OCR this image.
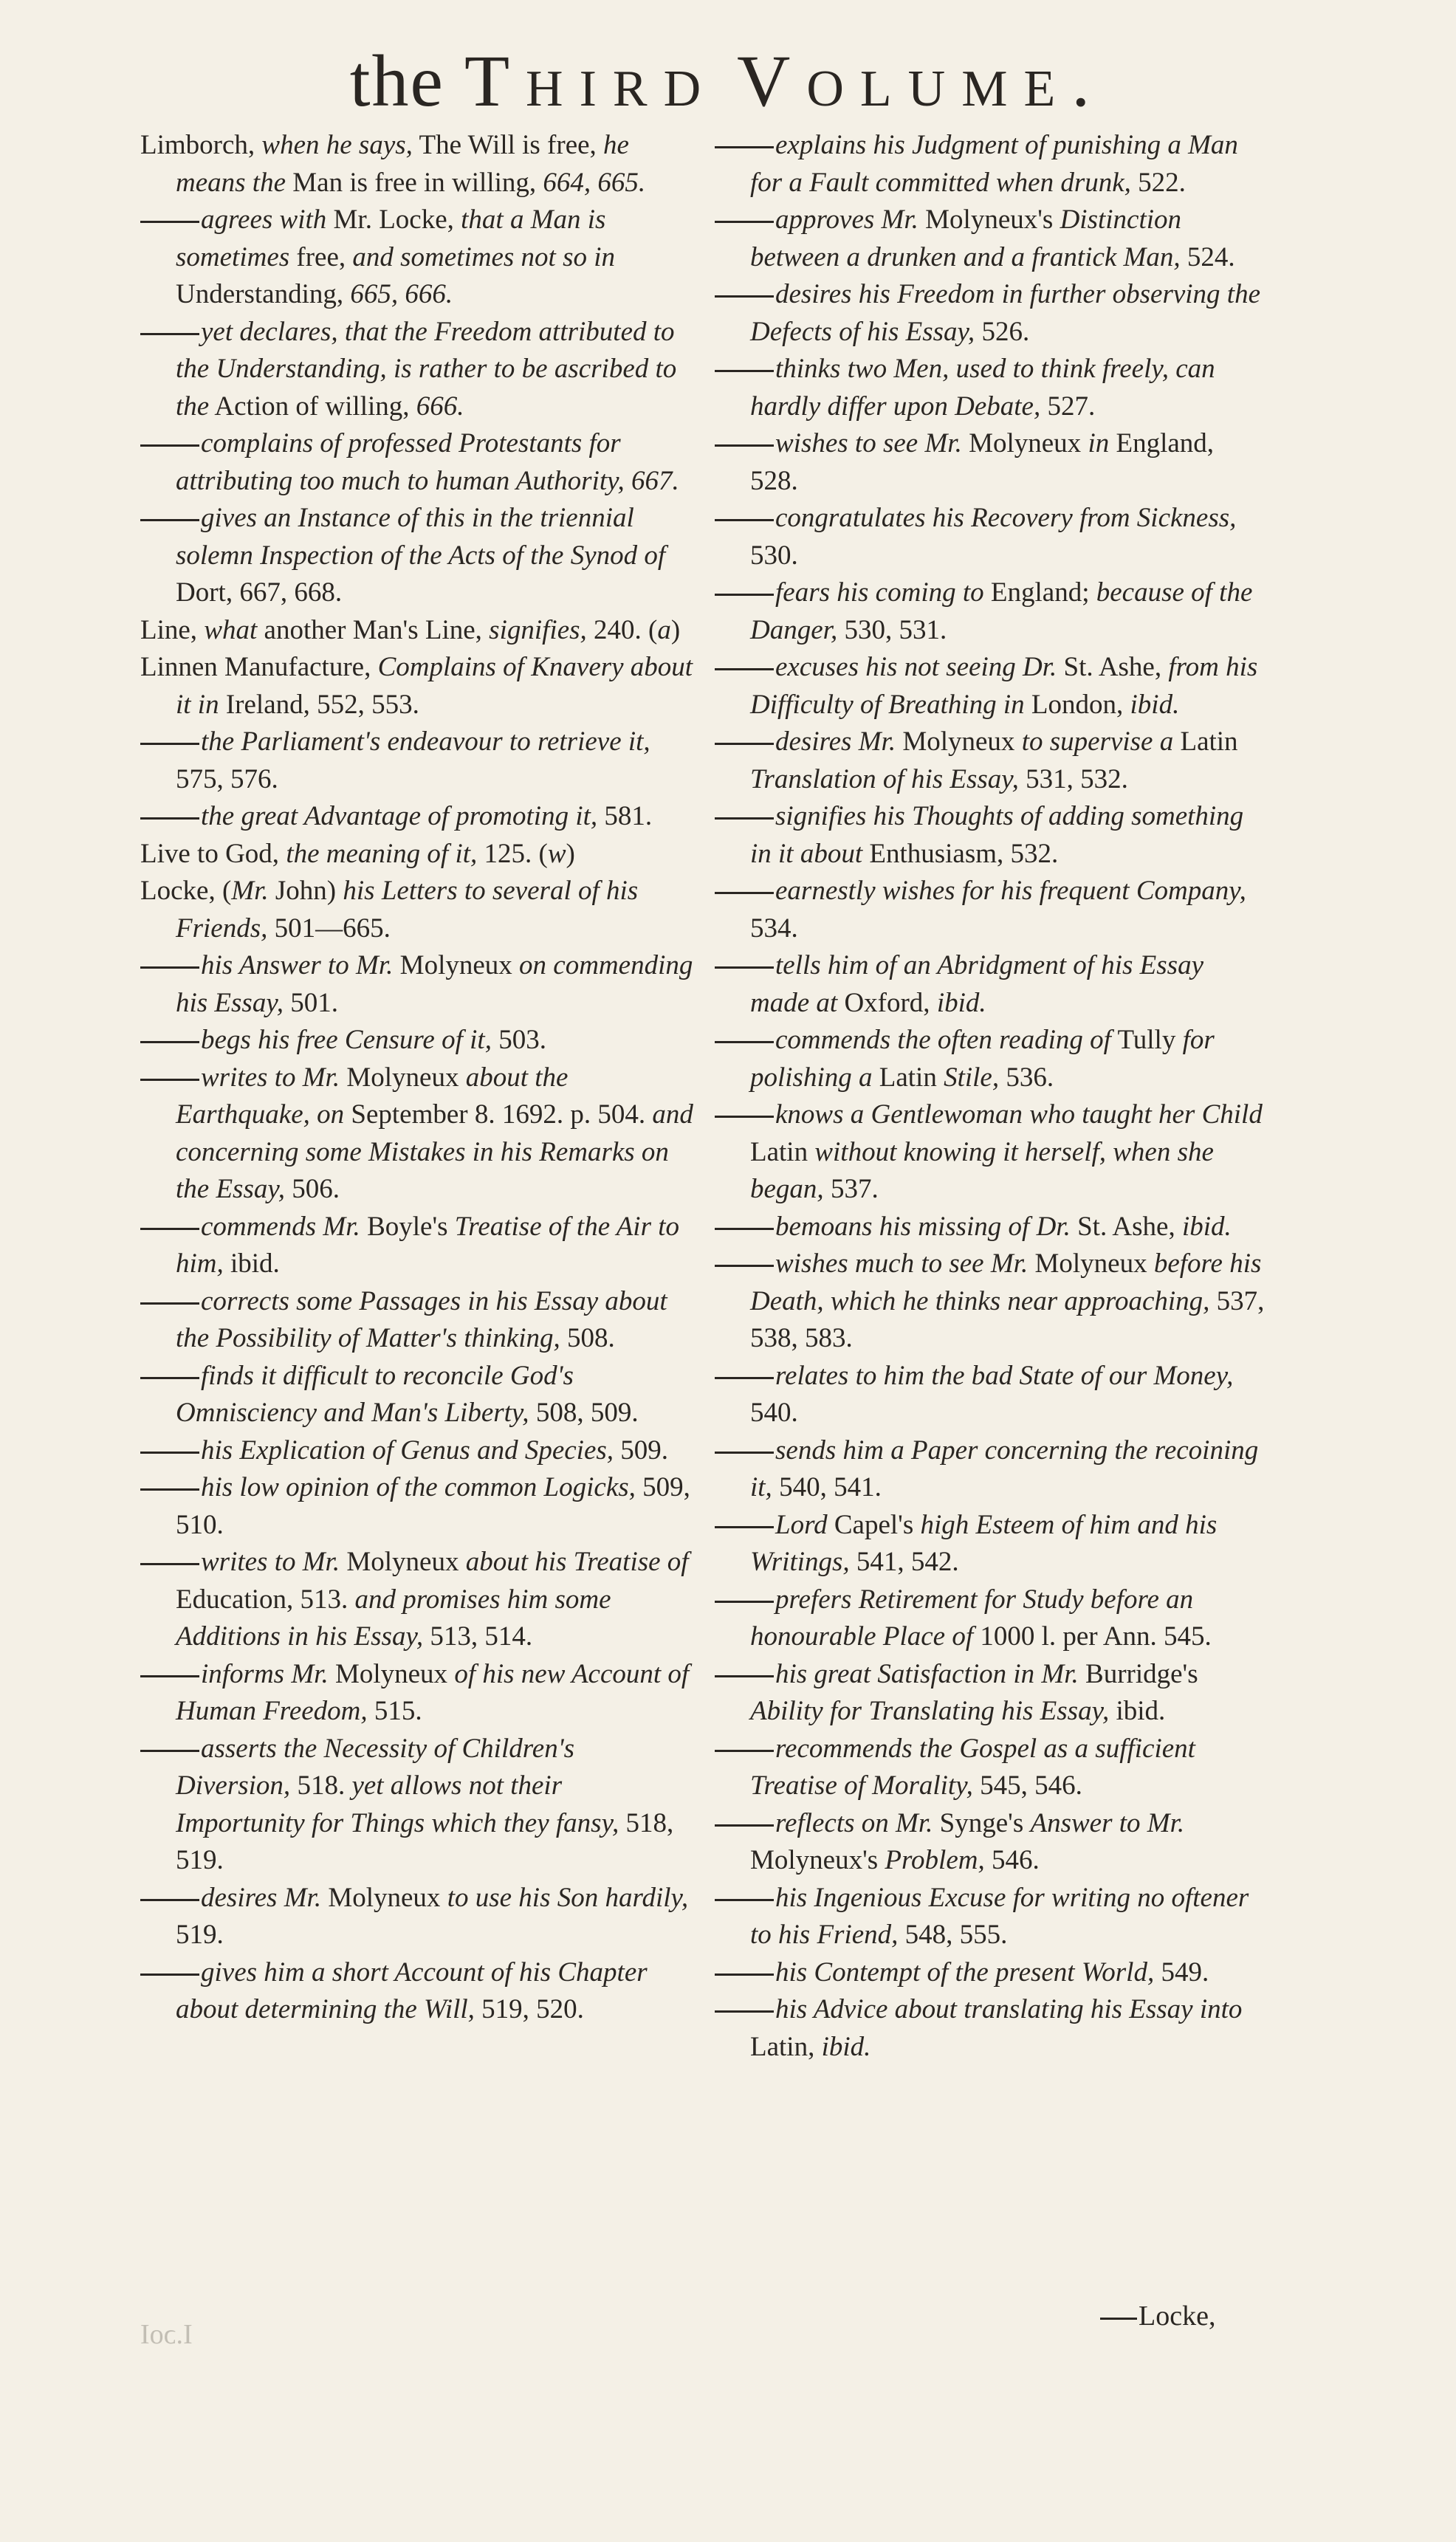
the Third Volume.
Limborch, when he says, The Will is free, he means the Man is free in willing, 664, 665.
agrees with Mr. Locke, that a Man is sometimes free, and sometimes not so in Understanding, 665, 666.
yet declares, that the Freedom attributed to the Understanding, is rather to be ascribed to the Action of willing, 666.
complains of professed Protestants for attributing too much to human Authority, 667.
gives an Instance of this in the triennial solemn Inspection of the Acts of the Synod of Dort, 667, 668.
Line, what another Man's Line, signifies, 240. (a)
Linnen Manufacture, Complains of Knavery about it in Ireland, 552, 553.
the Parliament's endeavour to retrieve it, 575, 576.
the great Advantage of promoting it, 581.
Live to God, the meaning of it, 125. (w)
Locke, (Mr. John) his Letters to several of his Friends, 501—665.
his Answer to Mr. Molyneux on commending his Essay, 501.
begs his free Censure of it, 503.
writes to Mr. Molyneux about the Earthquake, on September 8. 1692. p. 504. and concerning some Mistakes in his Remarks on the Essay, 506.
commends Mr. Boyle's Treatise of the Air to him, ibid.
corrects some Passages in his Essay about the Possibility of Matter's thinking, 508.
finds it difficult to reconcile God's Omnisciency and Man's Liberty, 508, 509.
his Explication of Genus and Species, 509.
his low opinion of the common Logicks, 509, 510.
writes to Mr. Molyneux about his Treatise of Education, 513. and promises him some Additions in his Essay, 513, 514.
informs Mr. Molyneux of his new Account of Human Freedom, 515.
asserts the Necessity of Children's Diversion, 518. yet allows not their Importunity for Things which they fansy, 518, 519.
desires Mr. Molyneux to use his Son hardily, 519.
gives him a short Account of his Chapter about determining the Will, 519, 520.
explains his Judgment of punishing a Man for a Fault committed when drunk, 522.
approves Mr. Molyneux's Distinction between a drunken and a frantick Man, 524.
desires his Freedom in further observing the Defects of his Essay, 526.
thinks two Men, used to think freely, can hardly differ upon Debate, 527.
wishes to see Mr. Molyneux in England, 528.
congratulates his Recovery from Sickness, 530.
fears his coming to England; because of the Danger, 530, 531.
excuses his not seeing Dr. St. Ashe, from his Difficulty of Breathing in London, ibid.
desires Mr. Molyneux to supervise a Latin Translation of his Essay, 531, 532.
signifies his Thoughts of adding something in it about Enthusiasm, 532.
earnestly wishes for his frequent Company, 534.
tells him of an Abridgment of his Essay made at Oxford, ibid.
commends the often reading of Tully for polishing a Latin Stile, 536.
knows a Gentlewoman who taught her Child Latin without knowing it herself, when she began, 537.
bemoans his missing of Dr. St. Ashe, ibid.
wishes much to see Mr. Molyneux before his Death, which he thinks near approaching, 537, 538, 583.
relates to him the bad State of our Money, 540.
sends him a Paper concerning the recoining it, 540, 541.
Lord Capel's high Esteem of him and his Writings, 541, 542.
prefers Retirement for Study before an honourable Place of 1000 l. per Ann. 545.
his great Satisfaction in Mr. Burridge's Ability for Translating his Essay, ibid.
recommends the Gospel as a sufficient Treatise of Morality, 545, 546.
reflects on Mr. Synge's Answer to Mr. Molyneux's Problem, 546.
his Ingenious Excuse for writing no oftener to his Friend, 548, 555.
his Contempt of the present World, 549.
his Advice about translating his Essay into Latin, ibid.
Locke,
I.ɔoI
